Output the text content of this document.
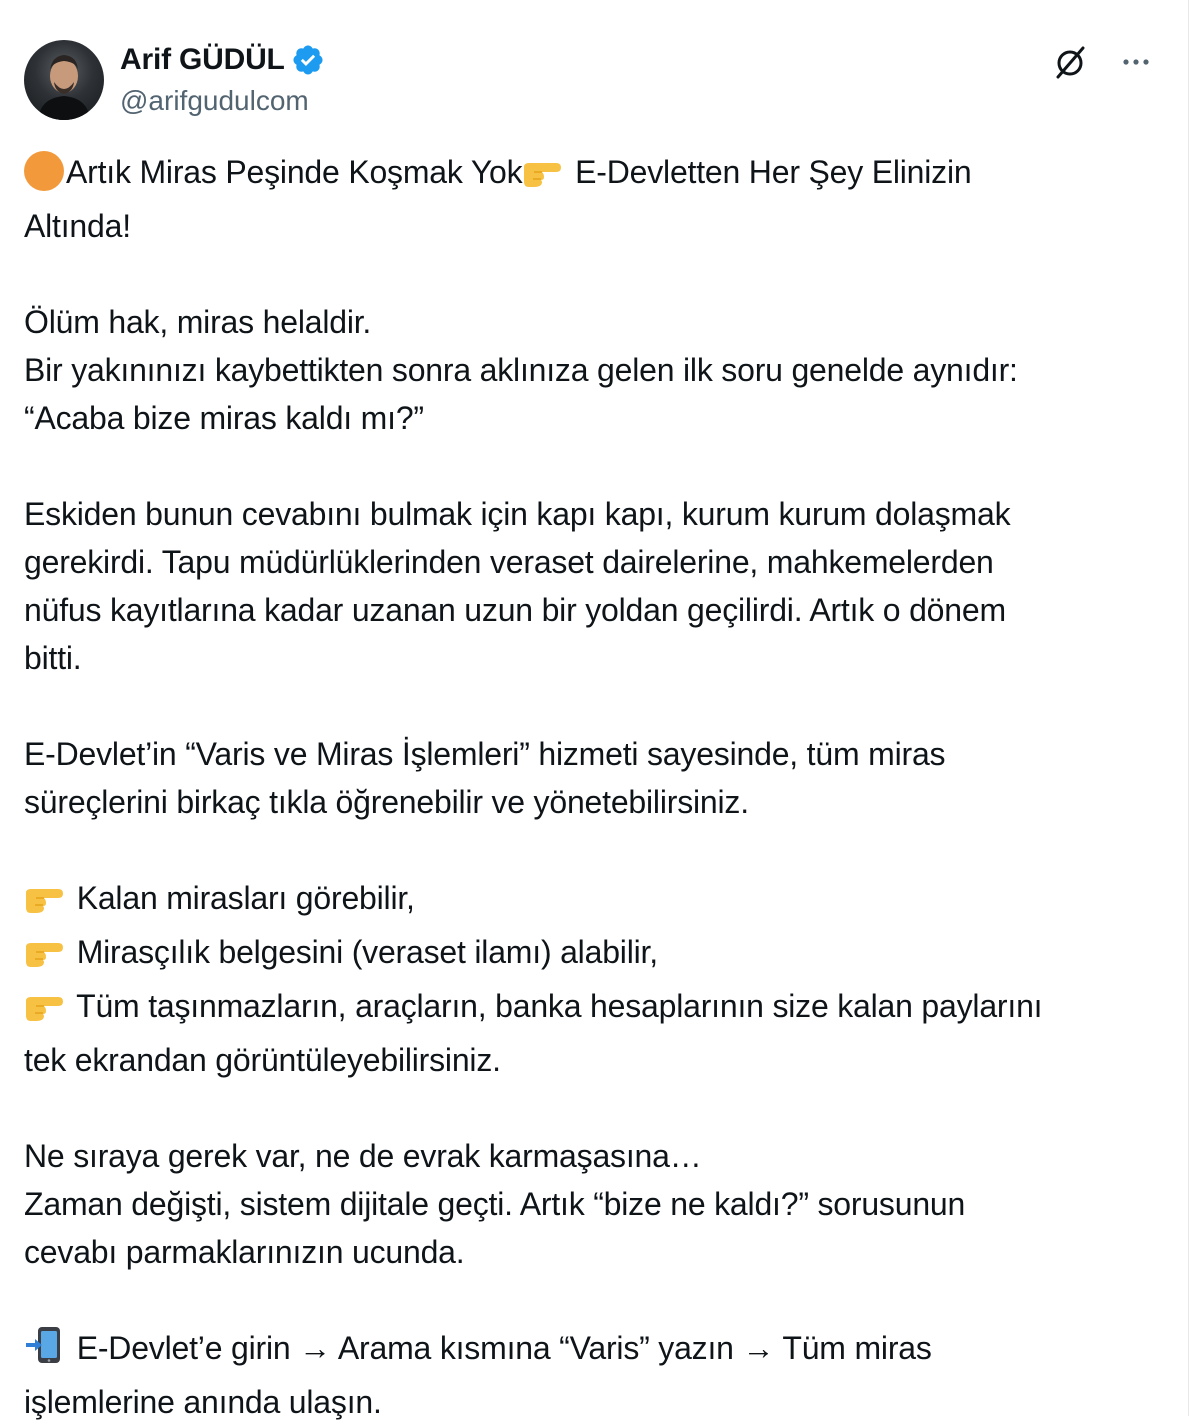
Arif GÜDÜL
@arifgudulcom

Artık Miras Peşinde Koşmak Yok E-Devletten Her Şey Elinizin
Altında!

Ölüm hak, miras helaldir.
Bir yakınınızı kaybettikten sonra aklınıza gelen ilk soru genelde aynıdır:
“Acaba bize miras kaldı mı?”

Eskiden bunun cevabını bulmak için kapı kapı, kurum kurum dolaşmak
gerekirdi. Tapu müdürlüklerinden veraset dairelerine, mahkemelerden
nüfus kayıtlarına kadar uzanan uzun bir yoldan geçilirdi. Artık o dönem
bitti.

E-Devlet’in “Varis ve Miras İşlemleri” hizmeti sayesinde, tüm miras
süreçlerini birkaç tıkla öğrenebilir ve yönetebilirsiniz.

Kalan mirasları görebilir,
Mirasçılık belgesini (veraset ilamı) alabilir,
Tüm taşınmazların, araçların, banka hesaplarının size kalan paylarını
tek ekrandan görüntüleyebilirsiniz.

Ne sıraya gerek var, ne de evrak karmaşasına…
Zaman değişti, sistem dijitale geçti. Artık “bize ne kaldı?” sorusunun
cevabı parmaklarınızın ucunda.

E-Devlet’e girin → Arama kısmına “Varis” yazın → Tüm miras
işlemlerine anında ulaşın.
